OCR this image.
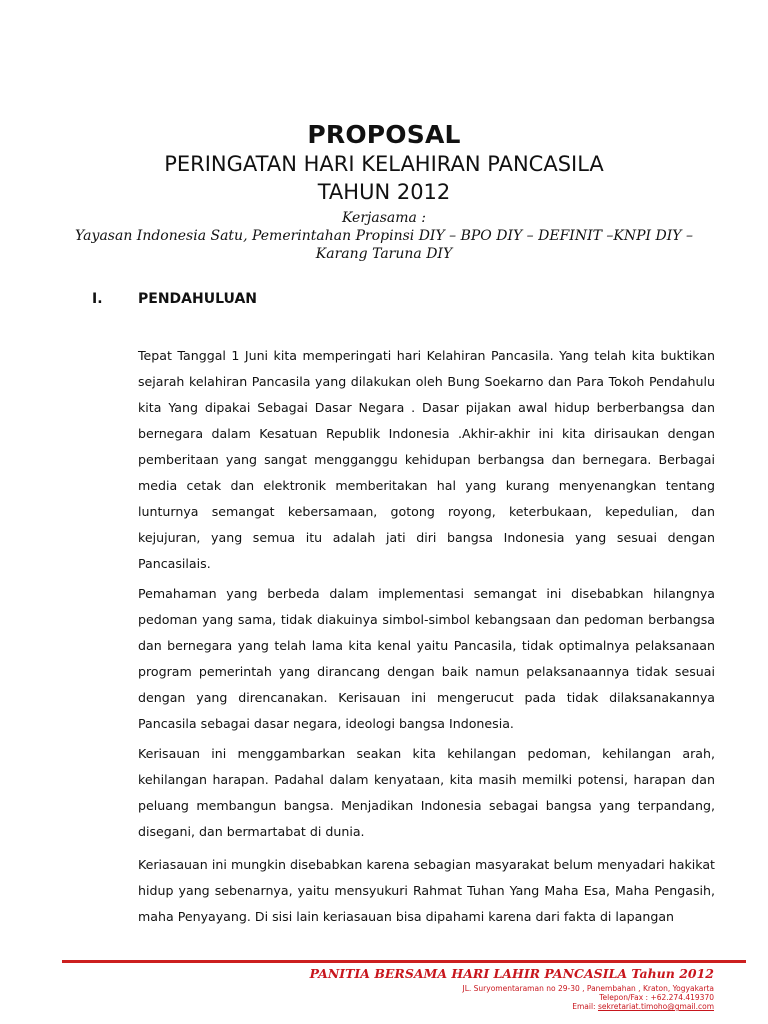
PROPOSAL
PERINGATAN HARI KELAHIRAN PANCASILA
TAHUN 2012
Kerjasama :
Yayasan Indonesia Satu, Pemerintahan Propinsi DIY – BPO DIY – DEFINIT –KNPI DIY –
Karang Taruna DIY
I.	PENDAHULUAN

Tepat Tanggal 1 Juni kita memperingati hari Kelahiran Pancasila. Yang telah kita buktikan sejarah kelahiran Pancasila yang dilakukan oleh Bung Soekarno dan Para Tokoh Pendahulu kita Yang dipakai Sebagai Dasar Negara . Dasar pijakan awal hidup berberbangsa dan bernegara dalam Kesatuan Republik Indonesia .Akhir-akhir ini kita dirisaukan dengan pemberitaan yang sangat mengganggu kehidupan berbangsa dan bernegara. Berbagai media cetak dan elektronik memberitakan hal yang kurang menyenangkan tentang lunturnya semangat kebersamaan, gotong royong, keterbukaan, kepedulian, dan kejujuran, yang semua itu adalah jati diri bangsa Indonesia yang sesuai dengan Pancasilais.

Pemahaman yang berbeda dalam implementasi semangat ini disebabkan hilangnya pedoman yang sama, tidak diakuinya simbol-simbol kebangsaan dan pedoman berbangsa dan bernegara yang telah lama kita kenal yaitu Pancasila, tidak optimalnya pelaksanaan program pemerintah yang dirancang dengan baik namun pelaksanaannya tidak sesuai dengan yang direncanakan. Kerisauan ini mengerucut pada tidak dilaksanakannya Pancasila sebagai dasar negara, ideologi bangsa Indonesia.

Kerisauan ini menggambarkan seakan kita kehilangan pedoman, kehilangan arah, kehilangan harapan. Padahal dalam kenyataan, kita masih memilki potensi, harapan dan peluang membangun bangsa. Menjadikan Indonesia sebagai bangsa yang terpandang, disegani, dan bermartabat di dunia.

Keriasauan ini mungkin disebabkan karena sebagian masyarakat belum menyadari hakikat hidup yang sebenarnya, yaitu mensyukuri Rahmat Tuhan Yang Maha Esa, Maha Pengasih, maha Penyayang. Di sisi lain keriasauan bisa dipahami karena dari fakta di lapangan

PANITIA BERSAMA HARI LAHIR PANCASILA Tahun 2012
JL. Suryomentaraman no 29-30 , Panembahan , Kraton, Yogyakarta
Telepon/Fax : +62.274.419370
Email: sekretariat.timoho@gmail.com
